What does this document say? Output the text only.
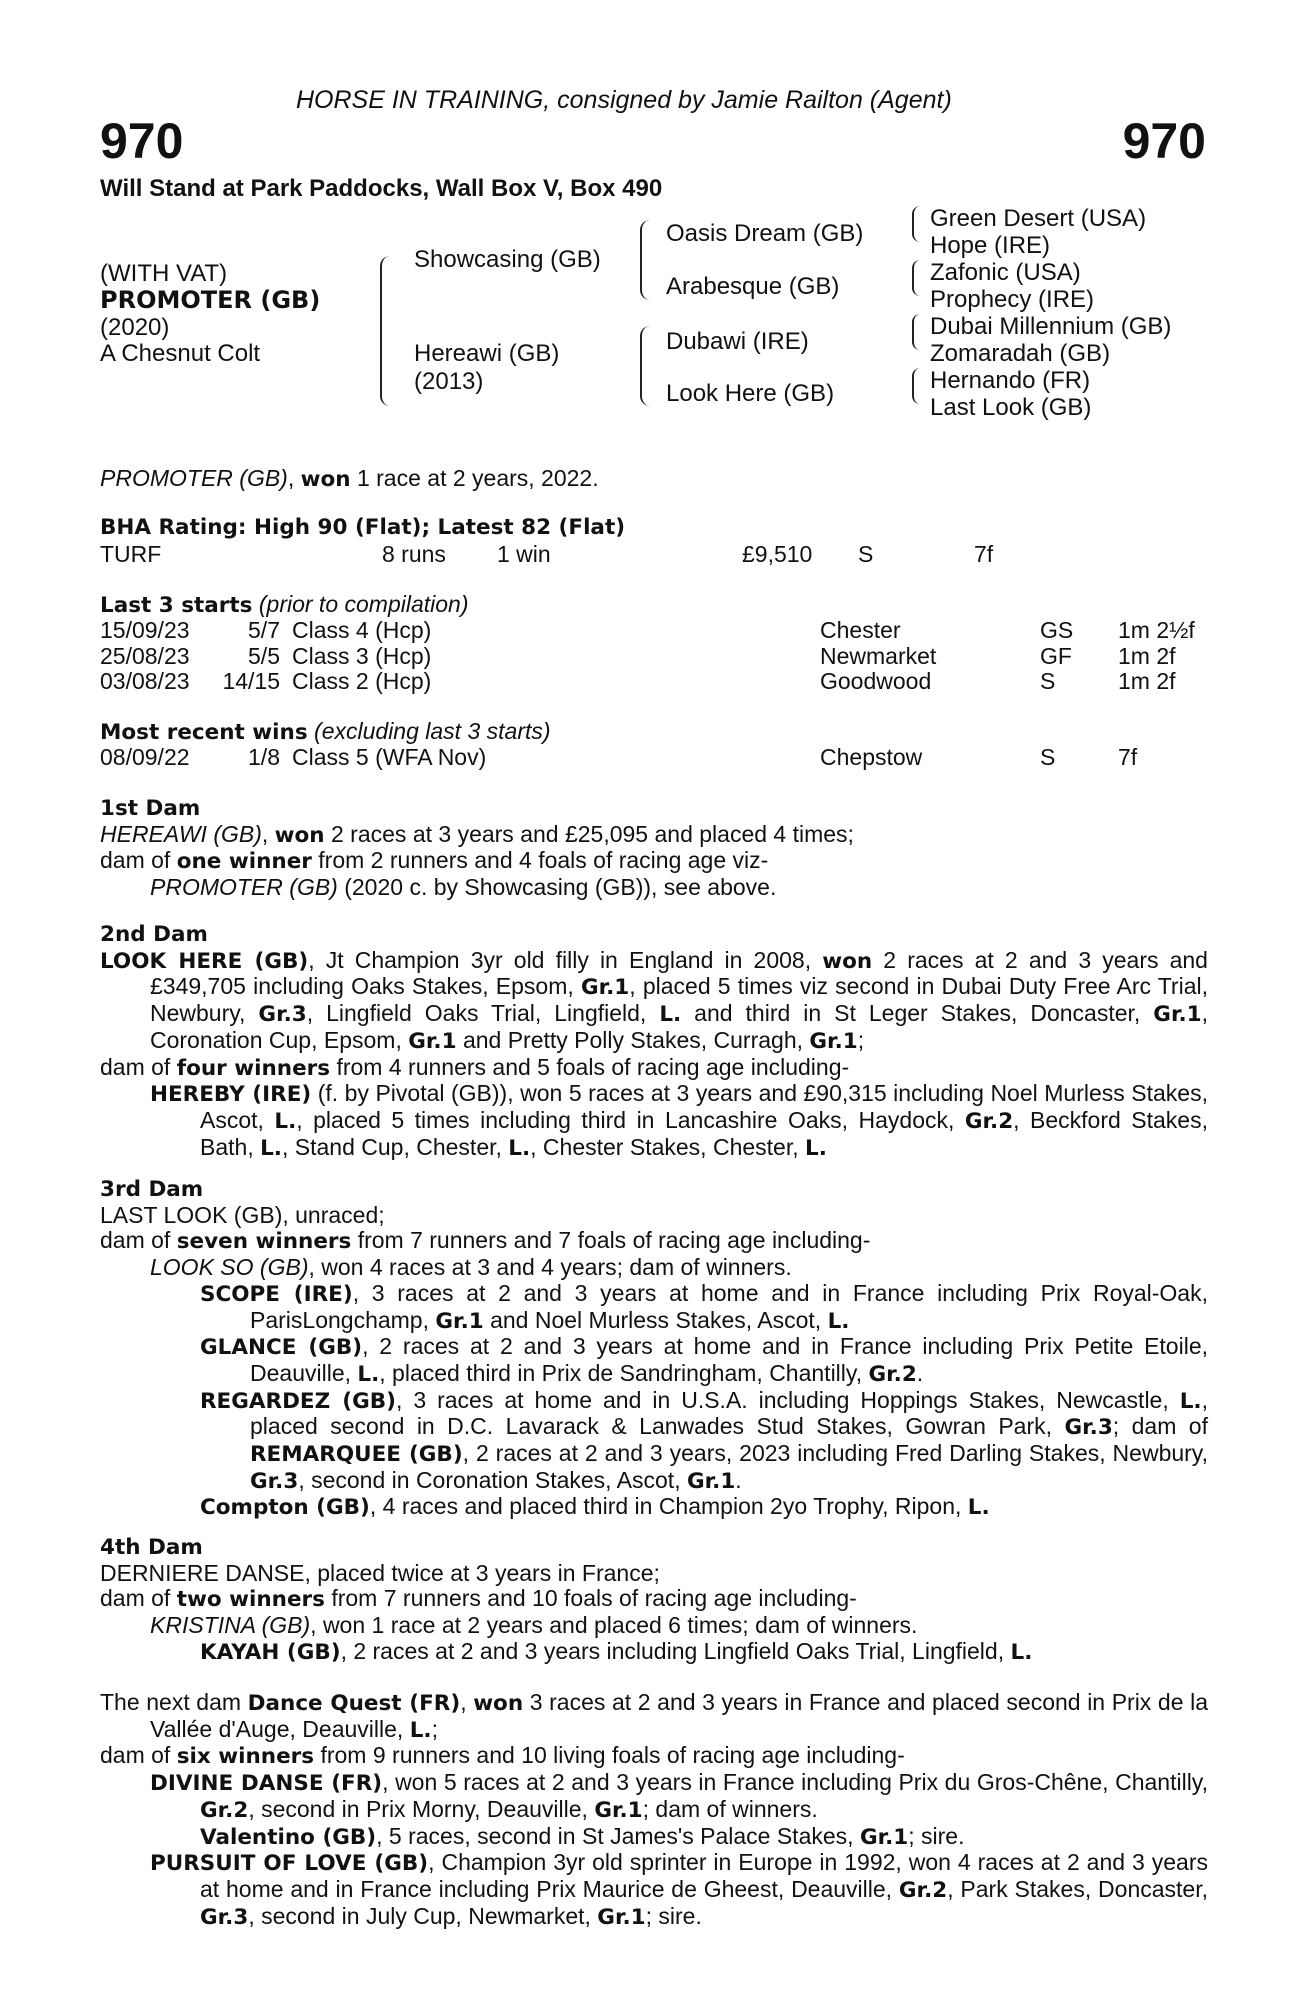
970	970
HORSE IN TRAINING, consigned by Jamie Railton (Agent)
Will Stand at Park Paddocks, Wall Box V, Box 490
(WITH VAT)
PROMOTER (GB)
(2020)
A Chesnut Colt
Showcasing (GB)
Hereawi (GB)
(2013)
Oasis Dream (GB)
Arabesque (GB)
Dubawi (IRE)
Look Here (GB)
Green Desert (USA)
Hope (IRE)
Zafonic (USA)
Prophecy (IRE)
Dubai Millennium (GB)
Zomaradah (GB)
Hernando (FR)
Last Look (GB)
PROMOTER (GB), won 1 race at 2 years, 2022.
BHA Rating: High 90 (Flat); Latest 82 (Flat)
TURF	8 runs 1 win	£9,510 S	7f
Last 3 starts (prior to compilation)
15/09/23	5/7 Class 4 (Hcp)	Chester	GS 1m 2½f
25/08/23	5/5 Class 3 (Hcp)	Newmarket	GF 1m 2f
03/08/23	14/15 Class 2 (Hcp)	Goodwood	S	1m 2f
Most recent wins (excluding last 3 starts)
08/09/22	1/8 Class 5 (WFA Nov)	Chepstow	S	7f

1st Dam

HEREAWI (GB), won 2 races at 3 years and £25,095 and placed 4 times;

dam of one winner from 2 runners and 4 foals of racing age viz-

PROMOTER (GB) (2020 c. by Showcasing (GB)), see above.

2nd Dam

LOOK HERE (GB), Jt Champion 3yr old filly in England in 2008, won 2 races at 2 and 3 years and £349,705 including Oaks Stakes, Epsom, Gr.1, placed 5 times viz second in Dubai Duty Free Arc Trial, Newbury, Gr.3, Lingfield Oaks Trial, Lingfield, L. and third in St Leger Stakes, Doncaster, Gr.1, Coronation Cup, Epsom, Gr.1 and Pretty Polly Stakes, Curragh, Gr.1;

dam of four winners from 4 runners and 5 foals of racing age including-

HEREBY (IRE) (f. by Pivotal (GB)), won 5 races at 3 years and £90,315 including Noel Murless Stakes, Ascot, L., placed 5 times including third in Lancashire Oaks, Haydock, Gr.2, Beckford Stakes, Bath, L., Stand Cup, Chester, L., Chester Stakes, Chester, L.

3rd Dam

LAST LOOK (GB), unraced;

dam of seven winners from 7 runners and 7 foals of racing age including-

LOOK SO (GB), won 4 races at 3 and 4 years; dam of winners.

SCOPE (IRE), 3 races at 2 and 3 years at home and in France including Prix Royal-Oak, ParisLongchamp, Gr.1 and Noel Murless Stakes, Ascot, L.

GLANCE (GB), 2 races at 2 and 3 years at home and in France including Prix Petite Etoile, Deauville, L., placed third in Prix de Sandringham, Chantilly, Gr.2.

REGARDEZ (GB), 3 races at home and in U.S.A. including Hoppings Stakes, Newcastle, L., placed second in D.C. Lavarack & Lanwades Stud Stakes, Gowran Park, Gr.3; dam of REMARQUEE (GB), 2 races at 2 and 3 years, 2023 including Fred Darling Stakes, Newbury, Gr.3, second in Coronation Stakes, Ascot, Gr.1.

Compton (GB), 4 races and placed third in Champion 2yo Trophy, Ripon, L.

4th Dam

DERNIERE DANSE, placed twice at 3 years in France;

dam of two winners from 7 runners and 10 foals of racing age including-

KRISTINA (GB), won 1 race at 2 years and placed 6 times; dam of winners.

KAYAH (GB), 2 races at 2 and 3 years including Lingfield Oaks Trial, Lingfield, L.

The next dam Dance Quest (FR), won 3 races at 2 and 3 years in France and placed second in Prix de la Vallée d'Auge, Deauville, L.;

dam of six winners from 9 runners and 10 living foals of racing age including-

DIVINE DANSE (FR), won 5 races at 2 and 3 years in France including Prix du Gros-Chêne, Chantilly, Gr.2, second in Prix Morny, Deauville, Gr.1; dam of winners.

Valentino (GB), 5 races, second in St James's Palace Stakes, Gr.1; sire.

PURSUIT OF LOVE (GB), Champion 3yr old sprinter in Europe in 1992, won 4 races at 2 and 3 years at home and in France including Prix Maurice de Gheest, Deauville, Gr.2, Park Stakes, Doncaster, Gr.3, second in July Cup, Newmarket, Gr.1; sire.
